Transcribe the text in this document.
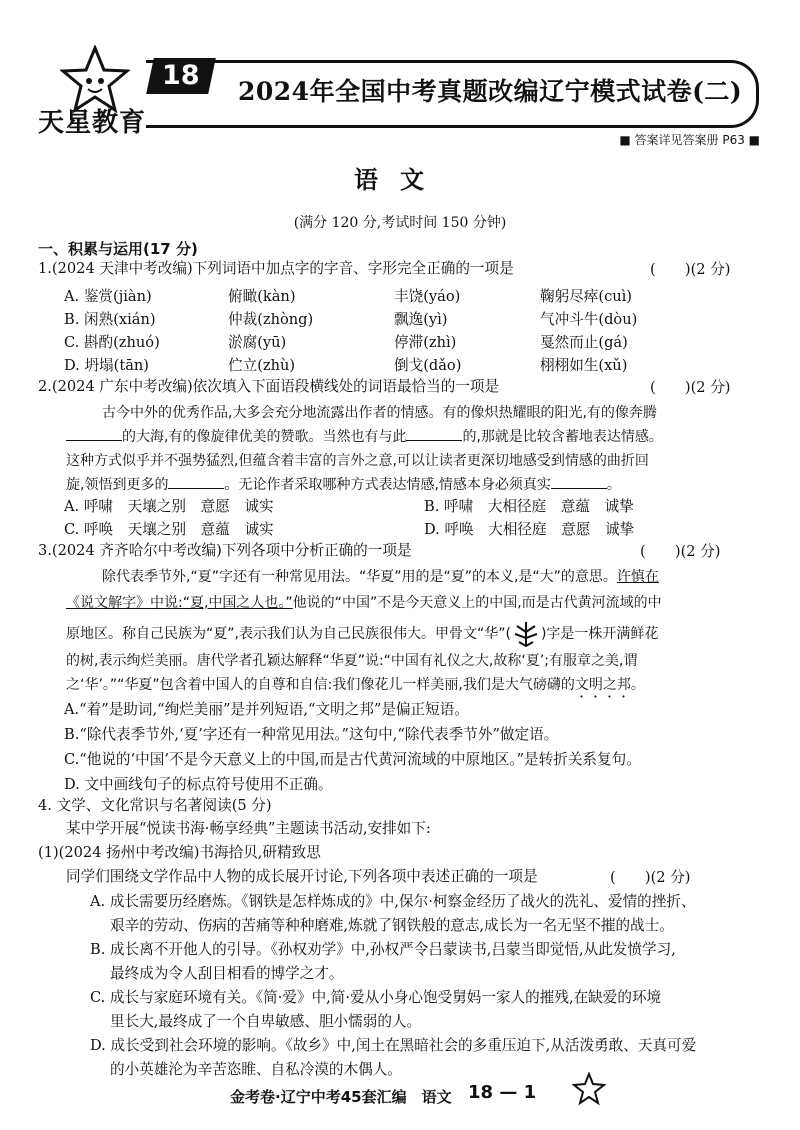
天星教育
18
2024年全国中考真题改编辽宁模式试卷(二)
■ 答案详见答案册 P63 ■
语文
(满分 120 分,考试时间 150 分钟)
一、积累与运用(17 分)
1.(2024 天津中考改编)下列词语中加点字的字音、字形完全正确的一项是	(　　)(2 分)
A. 鉴赏(jiàn)	俯瞰(kàn)	丰饶(yáo)	鞠躬尽瘁(cuì)
B. 闲熟(xián)	仲裁(zhòng)	飘逸(yì)	气冲斗牛(dòu)
C. 斟酌(zhuó)	淤腐(yū)	停滞(zhì)	戛然而止(gá)
D. 坍塌(tān)	伫立(zhù)	倒戈(dǎo)	栩栩如生(xǔ)
2.(2024 广东中考改编)依次填入下面语段横线处的词语最恰当的一项是	(　　)(2 分)
古今中外的优秀作品,大多会充分地流露出作者的情感。有的像炽热耀眼的阳光,有的像奔腾
的大海,有的像旋律优美的赞歌。当然也有与此	的,那就是比较含蓄地表达情感。
这种方式似乎并不强势猛烈,但蕴含着丰富的言外之意,可以让读者更深切地感受到情感的曲折回
旋,领悟到更多的	。无论作者采取哪种方式表达情感,情感本身必须真实	。
A. 呼啸　天壤之别　意愿　诚实	B. 呼啸　大相径庭　意蕴　诚挚
C. 呼唤　天壤之别　意蕴　诚实	D. 呼唤　大相径庭　意愿　诚挚
3.(2024 齐齐哈尔中考改编)下列各项中分析正确的一项是	(　　)(2 分)
除代表季节外,“夏”字还有一种常见用法。“华夏”用的是“夏”的本义,是“大”的意思。许慎在
《说文解字》中说:“夏,中国之人也。”他说的“中国”不是今天意义上的中国,而是古代黄河流域的中
原地区。称自己民族为“夏”,表示我们认为自己民族很伟大。甲骨文“华”( )字是一株开满鲜花
的树,表示绚烂美丽。唐代学者孔颖达解释“华夏”说:“中国有礼仪之大,故称‘夏’;有服章之美,谓
之‘华’。”“华夏”包含着中国人的自尊和自信:我们像花儿一样美丽,我们是大气磅礴的文明之邦。
A.“着”是助词,“绚烂美丽”是并列短语,“文明之邦”是偏正短语。
B.“除代表季节外,‘夏’字还有一种常见用法。”这句中,“除代表季节外”做定语。
C.“他说的‘中国’不是今天意义上的中国,而是古代黄河流域的中原地区。”是转折关系复句。
D. 文中画线句子的标点符号使用不正确。
4. 文学、文化常识与名著阅读(5 分)
某中学开展“悦读书海·畅享经典”主题读书活动,安排如下:
(1)(2024 扬州中考改编)书海拾贝,研精致思
同学们围绕文学作品中人物的成长展开讨论,下列各项中表述正确的一项是	(　　)(2 分)
A. 成长需要历经磨炼。《钢铁是怎样炼成的》中,保尔·柯察金经历了战火的洗礼、爱情的挫折、
艰辛的劳动、伤病的苦痛等种种磨难,炼就了钢铁般的意志,成长为一名无坚不摧的战士。
B. 成长离不开他人的引导。《孙权劝学》中,孙权严令吕蒙读书,吕蒙当即觉悟,从此发愤学习,
最终成为令人刮目相看的博学之才。
C. 成长与家庭环境有关。《简·爱》中,简·爱从小身心饱受舅妈一家人的摧残,在缺爱的环境
里长大,最终成了一个自卑敏感、胆小懦弱的人。
D. 成长受到社会环境的影响。《故乡》中,闰土在黑暗社会的多重压迫下,从活泼勇敢、天真可爱
的小英雄沦为辛苦恣睢、自私冷漠的木偶人。
金考卷·辽宁中考45套汇编　语文 18 — 1
